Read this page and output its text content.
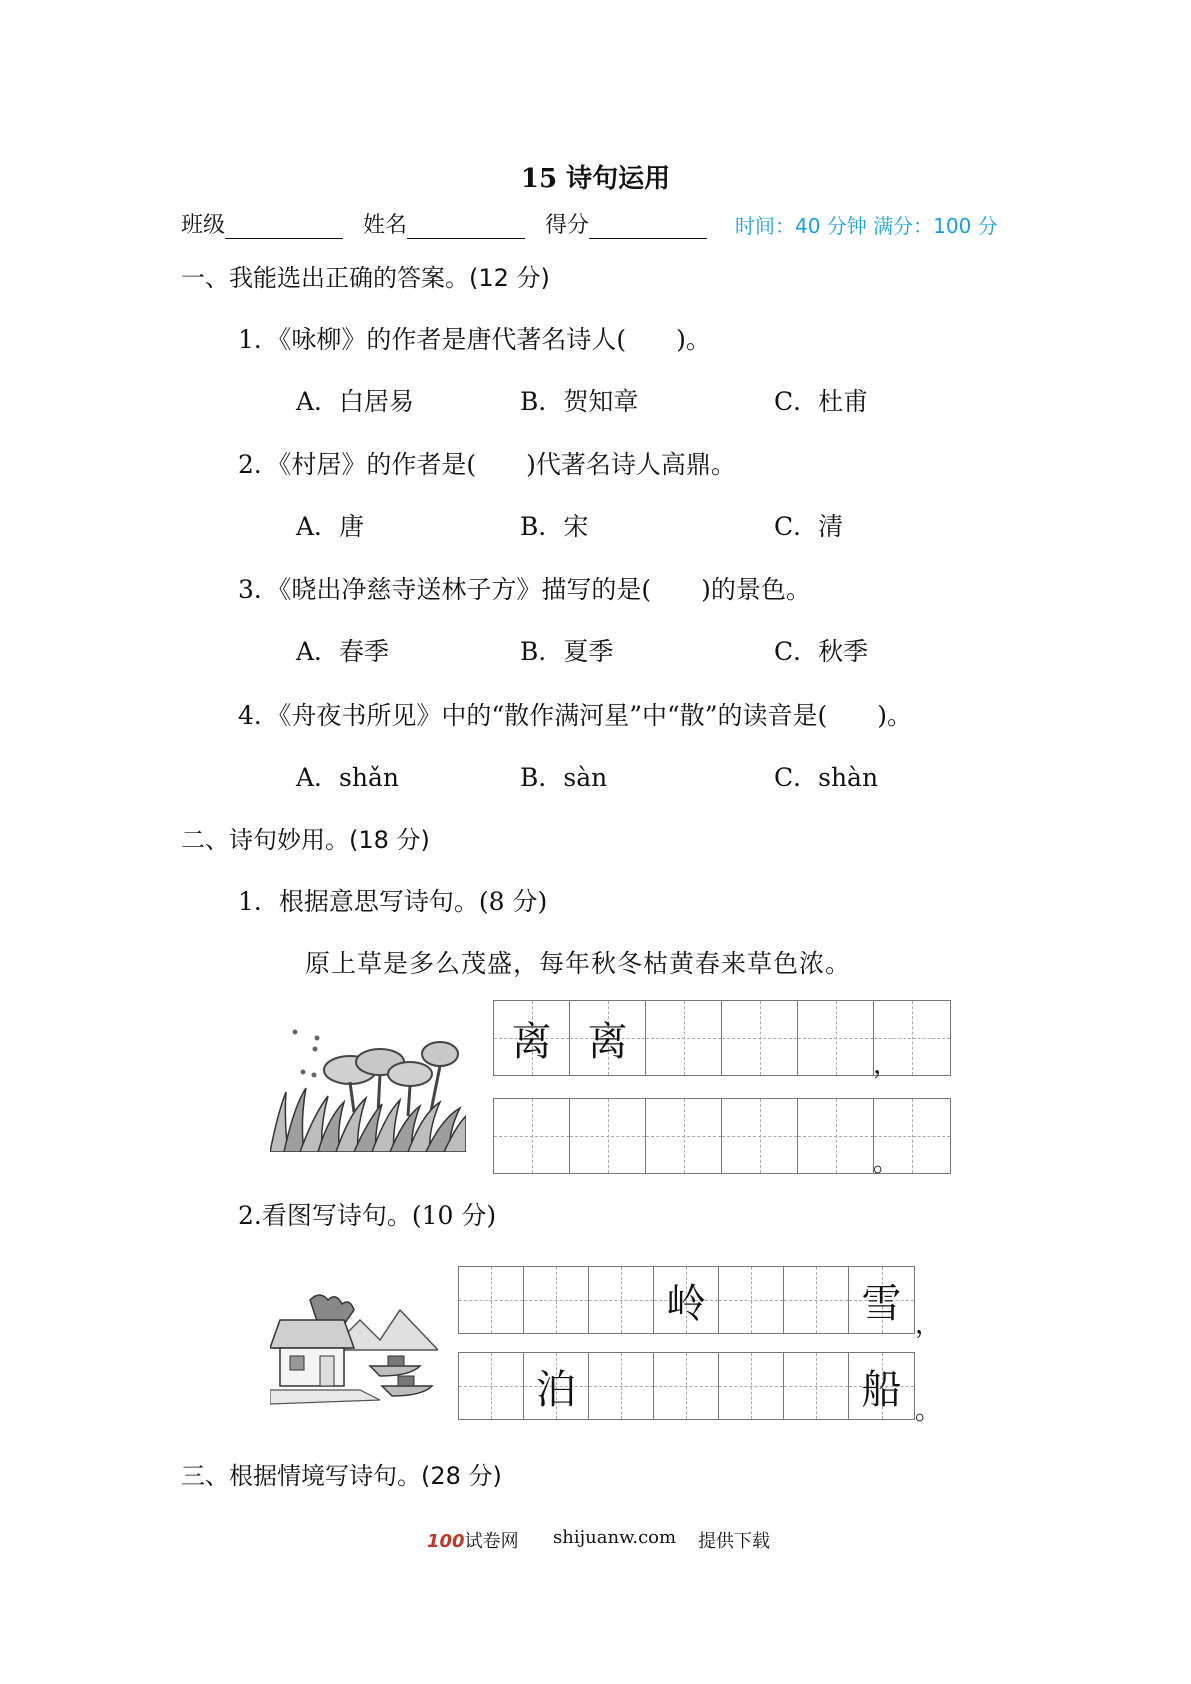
15 诗句运用
班级	姓名	得分	时间：40 分钟 满分：100 分
一、我能选出正确的答案。(12 分)
1．《咏柳》的作者是唐代著名诗人(　　)。
A．白居易	B．贺知章	C．杜甫
2．《村居》的作者是(　　)代著名诗人高鼎。
A．唐	B．宋	C．清
3．《晓出净慈寺送林子方》描写的是(　　)的景色。
A．春季	B．夏季	C．秋季
4．《舟夜书所见》中的“散作满河星”中“散”的读音是(　　)。
A．shǎn	B．sàn	C．shàn
二、诗句妙用。(18 分)
1．根据意思写诗句。(8 分)
原上草是多么茂盛，每年秋冬枯黄春来草色浓。
离 离
，
。
2.看图写诗句。(10 分)
岭	雪 ，
泊	船 。
三、根据情境写诗句。(28 分)
100试卷网 shijuanw.com 提供下载
